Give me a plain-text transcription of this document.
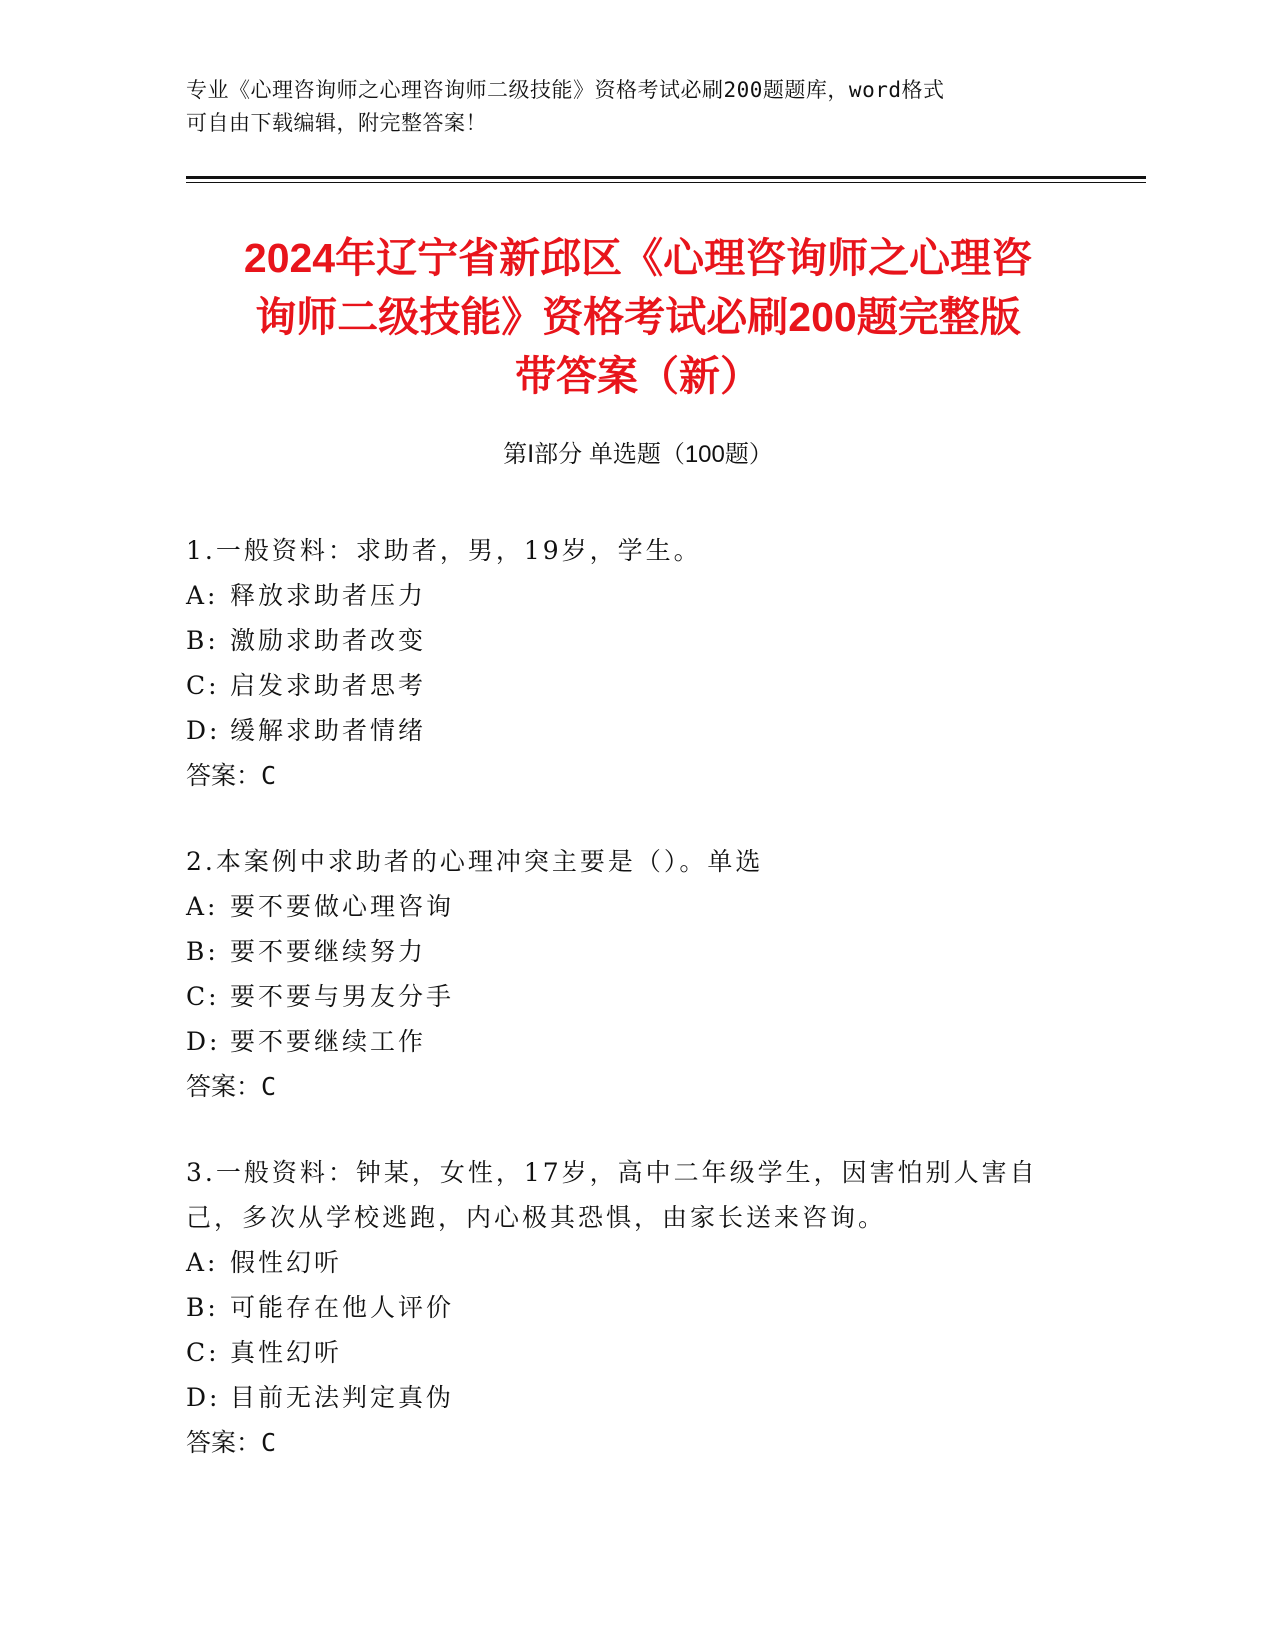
专业《心理咨询师之心理咨询师二级技能》资格考试必刷200题题库，word格式
可自由下载编辑，附完整答案！
2024年辽宁省新邱区《心理咨询师之心理咨
询师二级技能》资格考试必刷200题完整版
带答案（新）
第Ⅰ部分 单选题（100题）
1.一般资料：求助者，男，19岁，学生。
A: 释放求助者压力
B: 激励求助者改变
C: 启发求助者思考
D: 缓解求助者情绪
答案：C
2.本案例中求助者的心理冲突主要是（）。单选
A: 要不要做心理咨询
B: 要不要继续努力
C: 要不要与男友分手
D: 要不要继续工作
答案：C
3.一般资料：钟某，女性，17岁，高中二年级学生，因害怕别人害自己，多次从学校逃跑，内心极其恐惧，由家长送来咨询。
A: 假性幻听
B: 可能存在他人评价
C: 真性幻听
D: 目前无法判定真伪
答案：C
